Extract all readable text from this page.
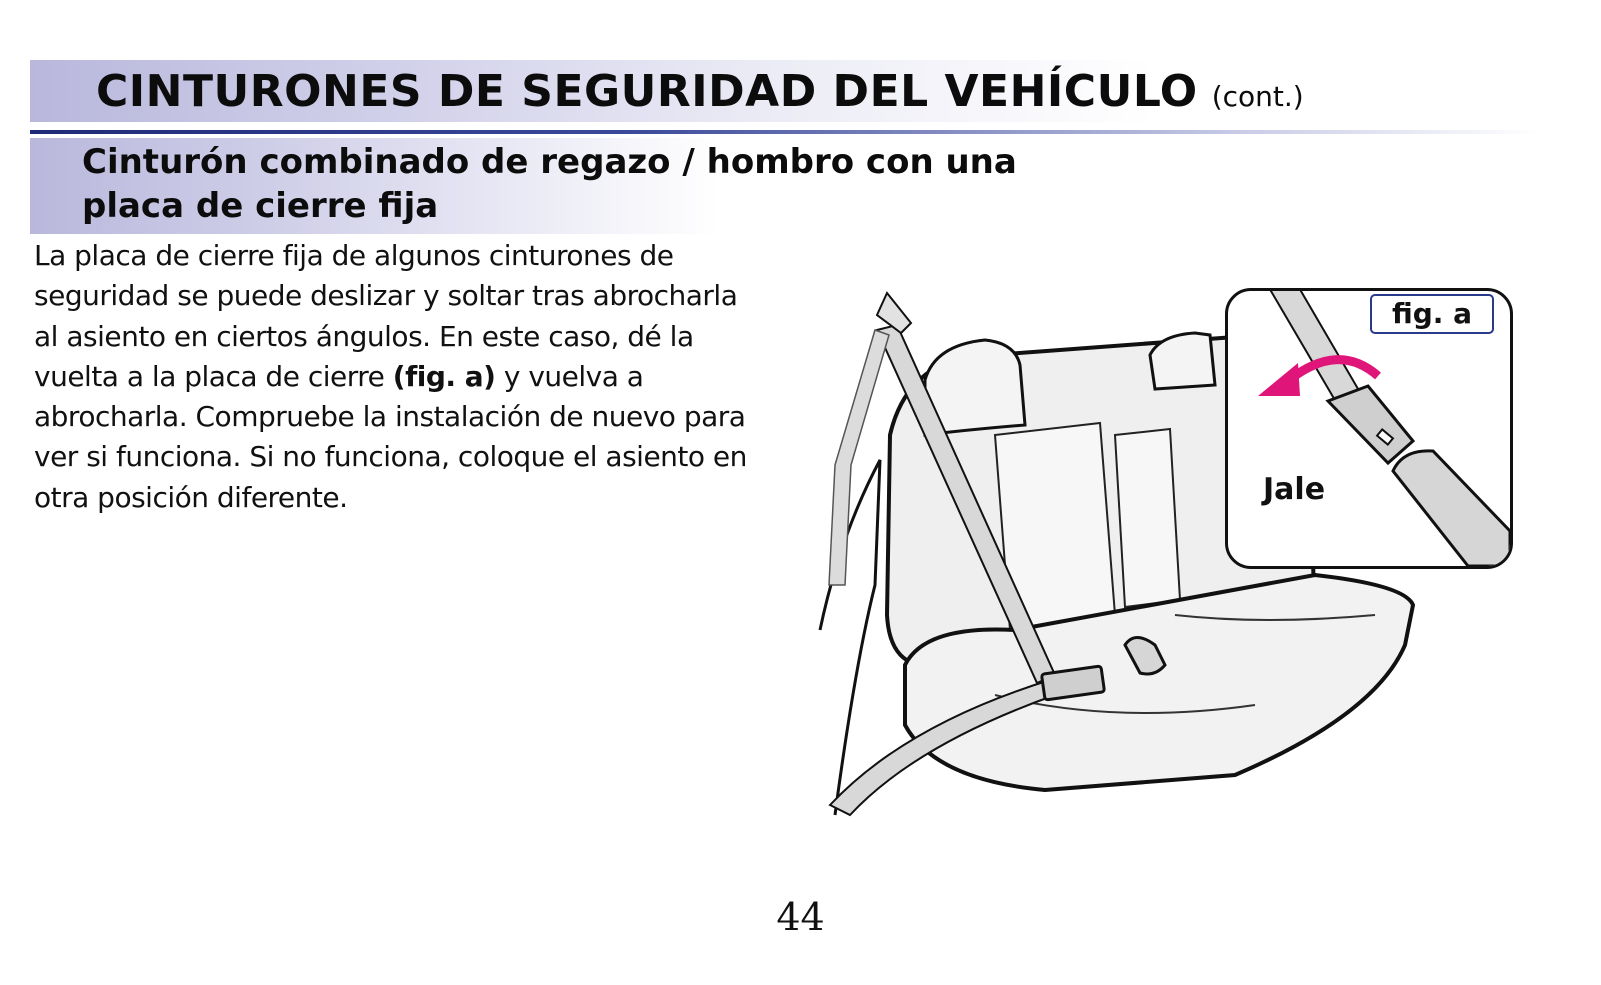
CINTURONES DE SEGURIDAD DEL VEHÍCULO (cont.)
Cinturón combinado de regazo / hombro con una
placa de cierre fija

La placa de cierre fija de algunos cinturones de seguridad se puede deslizar y soltar tras abrocharla al asiento en ciertos ángulos. En este caso, dé la vuelta a la placa de cierre (fig. a) y vuelva a abrocharla. Compruebe la instalación de nuevo para ver si funciona. Si no funciona, coloque el asiento en otra posición diferente.

fig. a
Jale
44
